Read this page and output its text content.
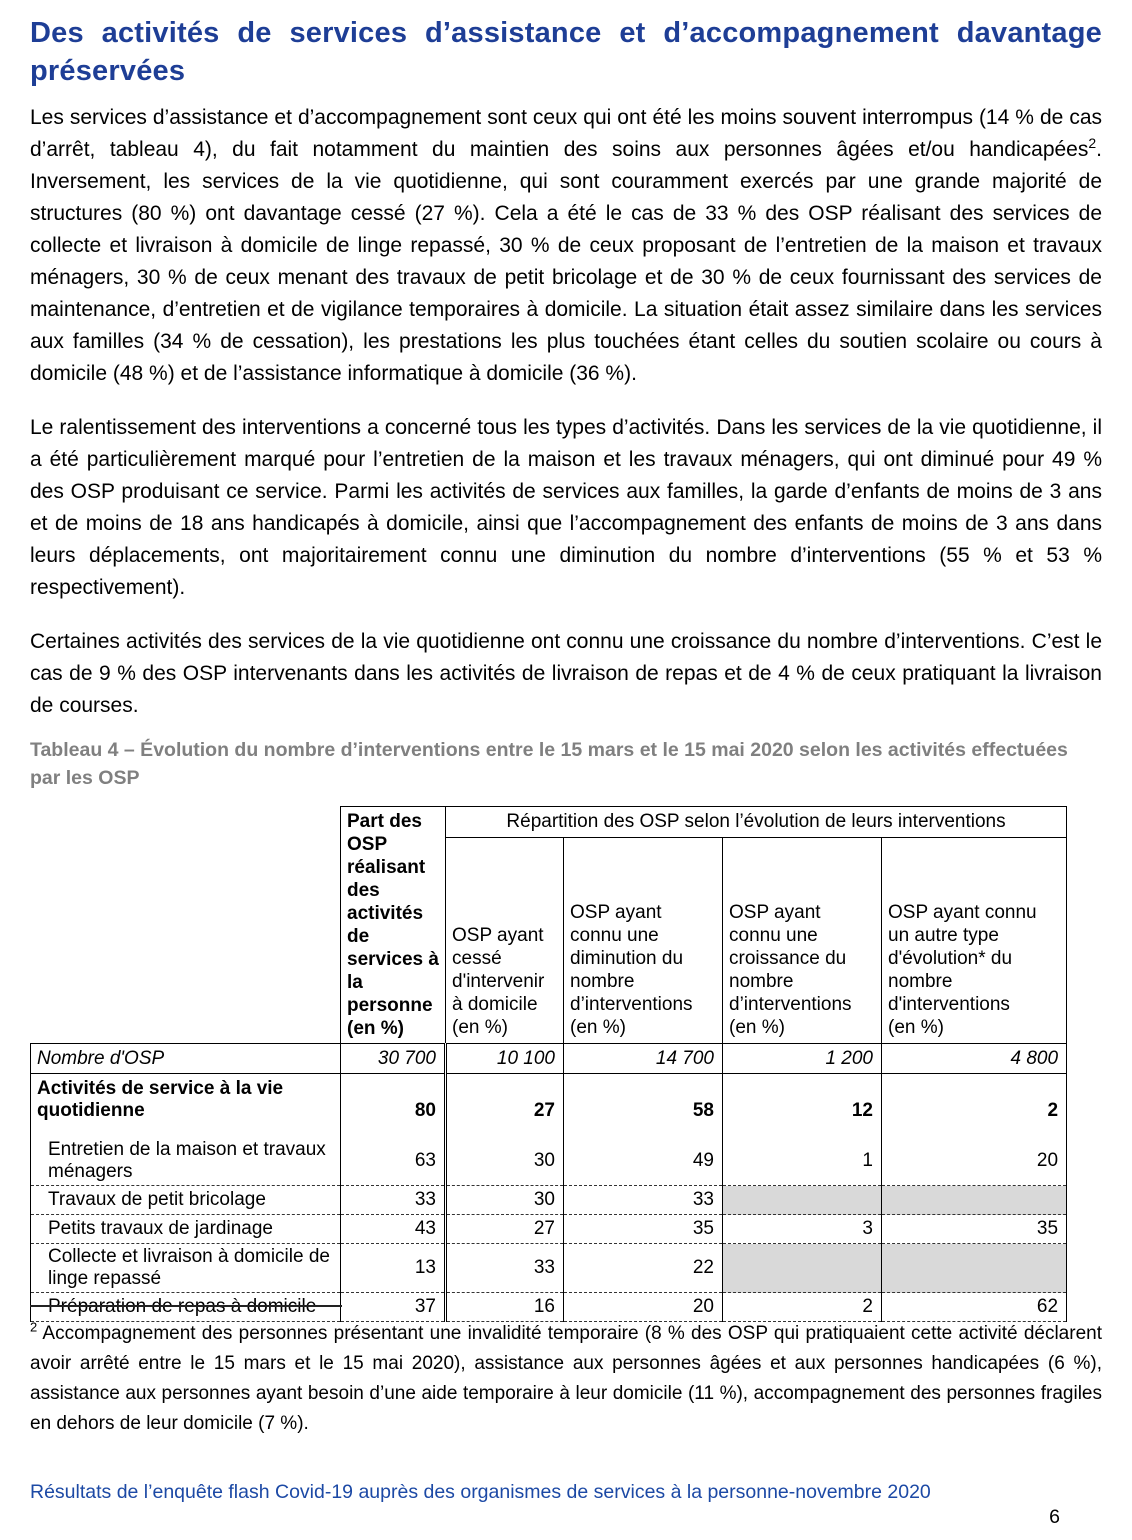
Des activités de services d’assistance et d’accompagnement davantage
préservées

Les services d’assistance et d’accompagnement sont ceux qui ont été les moins souvent interrompus (14 % de cas d’arrêt, tableau 4), du fait notamment du maintien des soins aux personnes âgées et/ou handicapées$^2$. Inversement, les services de la vie quotidienne, qui sont couramment exercés par une grande majorité de structures (80 %) ont davantage cessé (27 %). Cela a été le cas de 33 % des OSP réalisant des services de collecte et livraison à domicile de linge repassé, 30 % de ceux proposant de l’entretien de la maison et travaux ménagers, 30 % de ceux menant des travaux de petit bricolage et de 30 % de ceux fournissant des services de maintenance, d’entretien et de vigilance temporaires à domicile. La situation était assez similaire dans les services aux familles (34 % de cessation), les prestations les plus touchées étant celles du soutien scolaire ou cours à domicile (48 %) et de l’assistance informatique à domicile (36 %).

Le ralentissement des interventions a concerné tous les types d’activités. Dans les services de la vie quotidienne, il a été particulièrement marqué pour l’entretien de la maison et les travaux ménagers, qui ont diminué pour 49 % des OSP produisant ce service. Parmi les activités de services aux familles, la garde d’enfants de moins de 3 ans et de moins de 18 ans handicapés à domicile, ainsi que l’accompagnement des enfants de moins de 3 ans dans leurs déplacements, ont majoritairement connu une diminution du nombre d’interventions (55 % et 53 % respectivement).

Certaines activités des services de la vie quotidienne ont connu une croissance du nombre d’interventions. C’est le cas de 9 % des OSP intervenants dans les activités de livraison de repas et de 4 % de ceux pratiquant la livraison de courses.

Tableau 4 – Évolution du nombre d’interventions entre le 15 mars et le 15 mai 2020 selon les activités effectuées par les OSP
	Part des OSP réalisant des activités de services à la personne (en %)	Répartition des OSP selon l’évolution de leurs interventions			

		OSP ayant cessé d'intervenir à domicile (en %)	OSP ayant connu une diminution du nombre d’interventions (en %)	OSP ayant connu une croissance du nombre d’interventions (en %)	OSP ayant connu un autre type d'évolution* du nombre d'interventions (en %)

Nombre d'OSP	30 700	10 100	14 700	1 200	4 800
Activités de service à la vie quotidienne	80	27	58	12	2
Entretien de la maison et travaux ménagers	63	30	49	1	20
Travaux de petit bricolage	33	30	33		
Petits travaux de jardinage	43	27	35	3	35
Collecte et livraison à domicile de linge repassé	13	33	22		
Préparation de repas à domicile	37	16	20	2	62
$^2$ Accompagnement des personnes présentant une invalidité temporaire (8 % des OSP qui pratiquaient cette activité déclarent avoir arrêté entre le 15 mars et le 15 mai 2020), assistance aux personnes âgées et aux personnes handicapées (6 %), assistance aux personnes ayant besoin d’une aide temporaire à leur domicile (11 %), accompagnement des personnes fragiles en dehors de leur domicile (7 %).
Résultats de l’enquête flash Covid-19 auprès des organismes de services à la personne-novembre 2020
6
